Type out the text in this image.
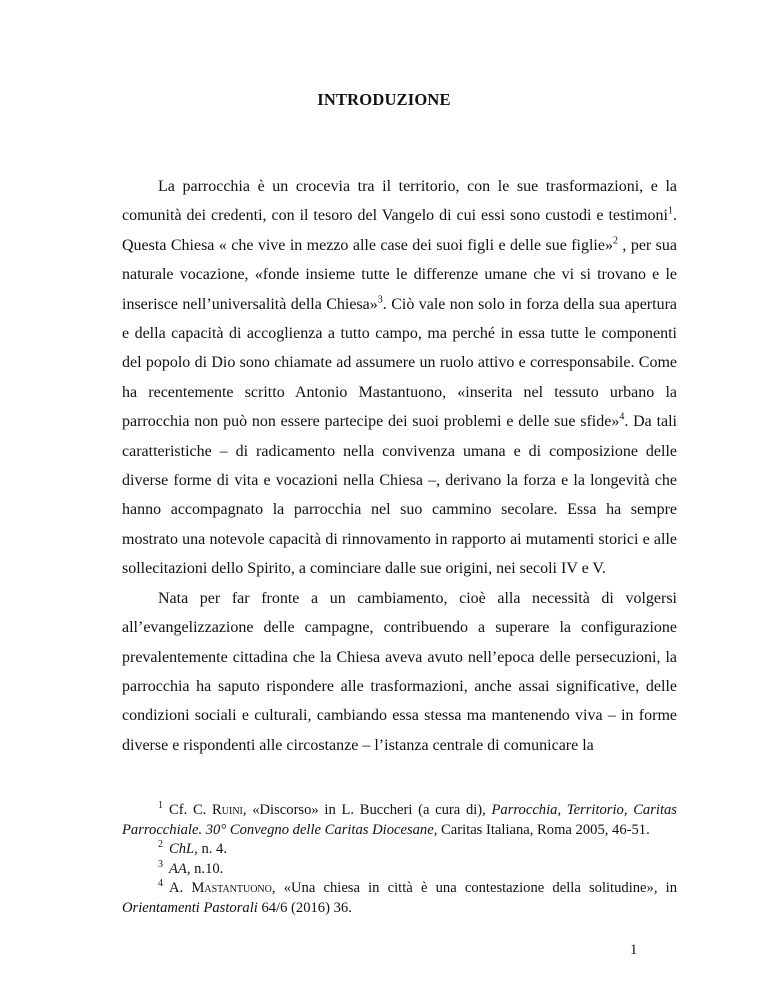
INTRODUZIONE

La parrocchia è un crocevia tra il territorio, con le sue trasformazioni, e la comunità dei credenti, con il tesoro del Vangelo di cui essi sono custodi e testimoni$^1$. Questa Chiesa « che vive in mezzo alle case dei suoi figli e delle sue figlie»$^2$ , per sua naturale vocazione, «fonde insieme tutte le differenze umane che vi si trovano e le inserisce nell’universalità della Chiesa»$^3$. Ciò vale non solo in forza della sua apertura e della capacità di accoglienza a tutto campo, ma perché in essa tutte le componenti del popolo di Dio sono chiamate ad assumere un ruolo attivo e corresponsabile. Come ha recentemente scritto Antonio Mastantuono, «inserita nel tessuto urbano la parrocchia non può non essere partecipe dei suoi problemi e delle sue sfide»$^4$. Da tali caratteristiche – di radicamento nella convivenza umana e di composizione delle diverse forme di vita e vocazioni nella Chiesa –, derivano la forza e la longevità che hanno accompagnato la parrocchia nel suo cammino secolare. Essa ha sempre mostrato una notevole capacità di rinnovamento in rapporto ai mutamenti storici e alle sollecitazioni dello Spirito, a cominciare dalle sue origini, nei secoli IV e V.

Nata per far fronte a un cambiamento, cioè alla necessità di volgersi all’evangelizzazione delle campagne, contribuendo a superare la configurazione prevalentemente cittadina che la Chiesa aveva avuto nell’epoca delle persecuzioni, la parrocchia ha saputo rispondere alle trasformazioni, anche assai significative, delle condizioni sociali e culturali, cambiando essa stessa ma mantenendo viva – in forme diverse e rispondenti alle circostanze – l’istanza centrale di comunicare la

$^1$ Cf. C. Ruini, «Discorso» in L. Buccheri (a cura di), Parrocchia, Territorio, Caritas Parrocchiale. 30° Convegno delle Caritas Diocesane, Caritas Italiana, Roma 2005, 46-51.

$^2$ ChL, n. 4.

$^3$ AA, n.10.

$^4$ A. Mastantuono, «Una chiesa in città è una contestazione della solitudine», in Orientamenti Pastorali 64/6 (2016) 36.

1
